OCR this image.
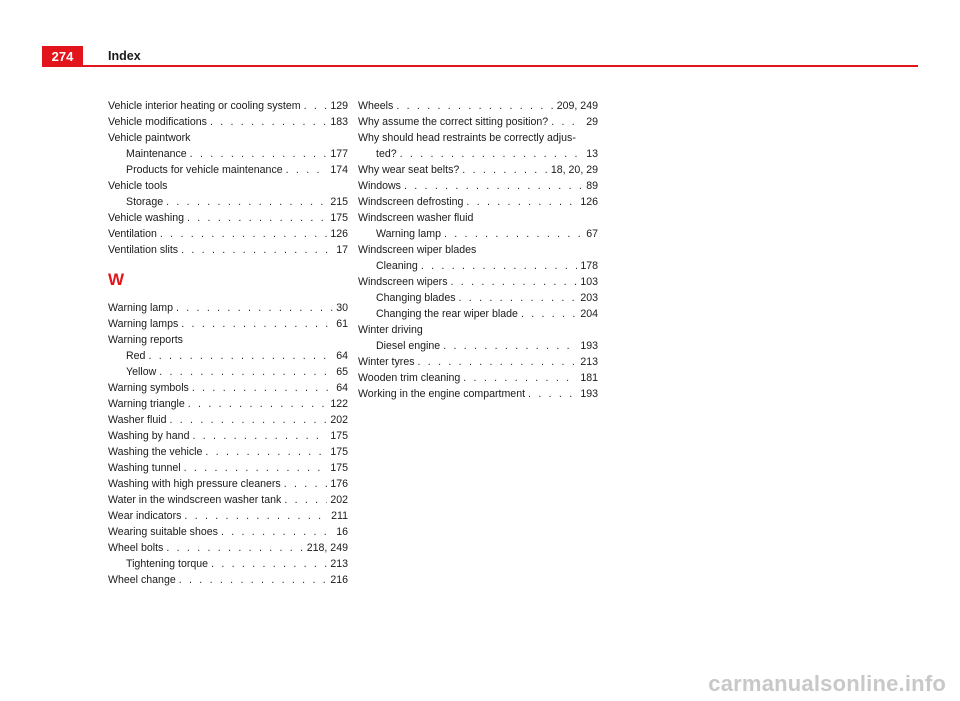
274	Index
Vehicle interior heating or cooling system . . .	129
Vehicle modifications . . .	183
Vehicle paintwork
Maintenance . . .	177
Products for vehicle maintenance . . .	174
Vehicle tools
Storage . . .	215
Vehicle washing . . .	175
Ventilation . . .	126
Ventilation slits . . .	17
W
Warning lamp . . .	30
Warning lamps . . .	61
Warning reports
Red . . .	64
Yellow . . .	65
Warning symbols . . .	64
Warning triangle . . .	122
Washer fluid . . .	202
Washing by hand . . .	175
Washing the vehicle . . .	175
Washing tunnel . . .	175
Washing with high pressure cleaners . . .	176
Water in the windscreen washer tank . . .	202
Wear indicators . . .	211
Wearing suitable shoes . . .	16
Wheel bolts . . .	218, 249
Tightening torque . . .	213
Wheel change . . .	216
Wheels . . .	209, 249
Why assume the correct sitting position? . . .	29
Why should head restraints be correctly adjus-
ted? . . .	13
Why wear seat belts? . . .	18, 20, 29
Windows . . .	89
Windscreen defrosting . . .	126
Windscreen washer fluid
Warning lamp . . .	67
Windscreen wiper blades
Cleaning . . .	178
Windscreen wipers . . .	103
Changing blades . . .	203
Changing the rear wiper blade . . .	204
Winter driving
Diesel engine . . .	193
Winter tyres . . .	213
Wooden trim cleaning . . .	181
Working in the engine compartment . . .	193
carmanualsonline.info
